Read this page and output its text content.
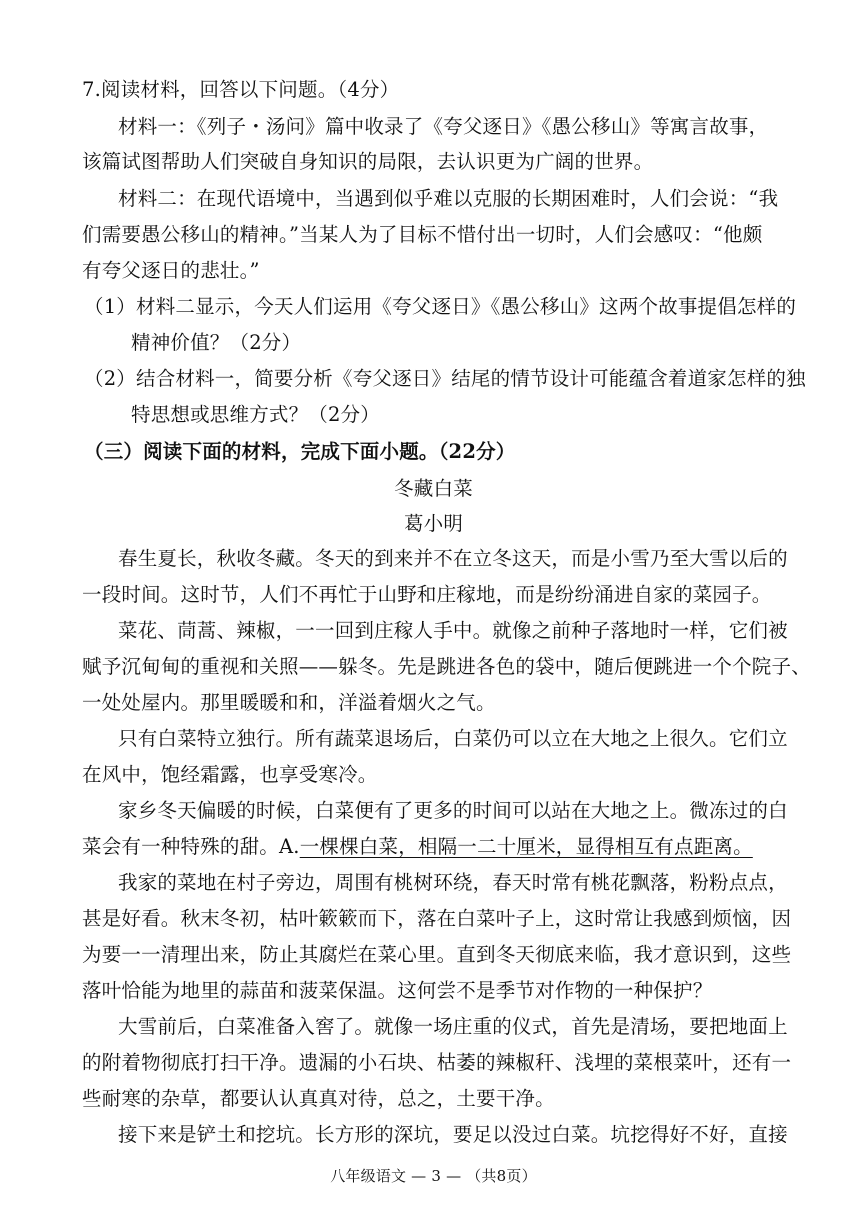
7.阅读材料，回答以下问题。（4分）
材料一：《列子・汤问》篇中收录了《夸父逐日》《愚公移山》等寓言故事，
该篇试图帮助人们突破自身知识的局限，去认识更为广阔的世界。
材料二：在现代语境中，当遇到似乎难以克服的长期困难时，人们会说：“我
们需要愚公移山的精神。”当某人为了目标不惜付出一切时，人们会感叹：“他颇
有夸父逐日的悲壮。”
（1）材料二显示，今天人们运用《夸父逐日》《愚公移山》这两个故事提倡怎样的
精神价值？（2分）
（2）结合材料一，简要分析《夸父逐日》结尾的情节设计可能蕴含着道家怎样的独
特思想或思维方式？（2分）
（三）阅读下面的材料，完成下面小题。（22分）
冬藏白菜
葛小明
春生夏长，秋收冬藏。冬天的到来并不在立冬这天，而是小雪乃至大雪以后的
一段时间。这时节，人们不再忙于山野和庄稼地，而是纷纷涌进自家的菜园子。
菜花、茼蒿、辣椒，一一回到庄稼人手中。就像之前种子落地时一样，它们被
赋予沉甸甸的重视和关照——躲冬。先是跳进各色的袋中，随后便跳进一个个院子、
一处处屋内。那里暖暖和和，洋溢着烟火之气。
只有白菜特立独行。所有蔬菜退场后，白菜仍可以立在大地之上很久。它们立
在风中，饱经霜露，也享受寒冷。
家乡冬天偏暖的时候，白菜便有了更多的时间可以站在大地之上。微冻过的白
菜会有一种特殊的甜。A.一棵棵白菜，相隔一二十厘米，显得相互有点距离。
我家的菜地在村子旁边，周围有桃树环绕，春天时常有桃花飘落，粉粉点点，
甚是好看。秋末冬初，枯叶簌簌而下，落在白菜叶子上，这时常让我感到烦恼，因
为要一一清理出来，防止其腐烂在菜心里。直到冬天彻底来临，我才意识到，这些
落叶恰能为地里的蒜苗和菠菜保温。这何尝不是季节对作物的一种保护？
大雪前后，白菜准备入窖了。就像一场庄重的仪式，首先是清场，要把地面上
的附着物彻底打扫干净。遗漏的小石块、枯萎的辣椒秆、浅埋的菜根菜叶，还有一
些耐寒的杂草，都要认认真真对待，总之，土要干净。
接下来是铲土和挖坑。长方形的深坑，要足以没过白菜。坑挖得好不好，直接
八年级语文 — 3 — （共8页）
